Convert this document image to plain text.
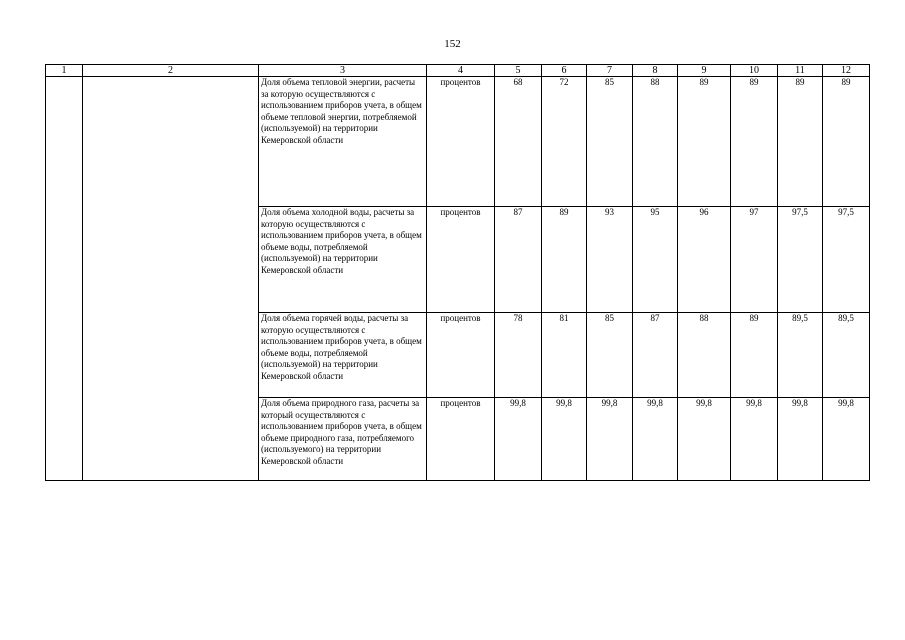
152
1	2	3	4	5	6	7	8	9	10	11	12
		Доля объема тепловой энергии, расчеты за которую осуществляются с использованием приборов учета, в общем объеме тепловой энергии, потребляемой (используемой) на территории Кемеровской области	процентов	68	72	85	88	89	89	89	89
		Доля объема холодной воды, расчеты за которую осуществляются с использованием приборов учета, в общем объеме воды, потребляемой (используемой) на территории Кемеровской области	процентов	87	89	93	95	96	97	97,5	97,5
		Доля объема горячей воды, расчеты за которую осуществляются с использованием приборов учета, в общем объеме воды, потребляемой (используемой) на территории Кемеровской области	процентов	78	81	85	87	88	89	89,5	89,5
		Доля объема природного газа, расчеты за который осуществляются с использованием приборов учета, в общем объеме природного газа, потребляемого (используемого) на территории Кемеровской области	процентов	99,8	99,8	99,8	99,8	99,8	99,8	99,8	99,8
